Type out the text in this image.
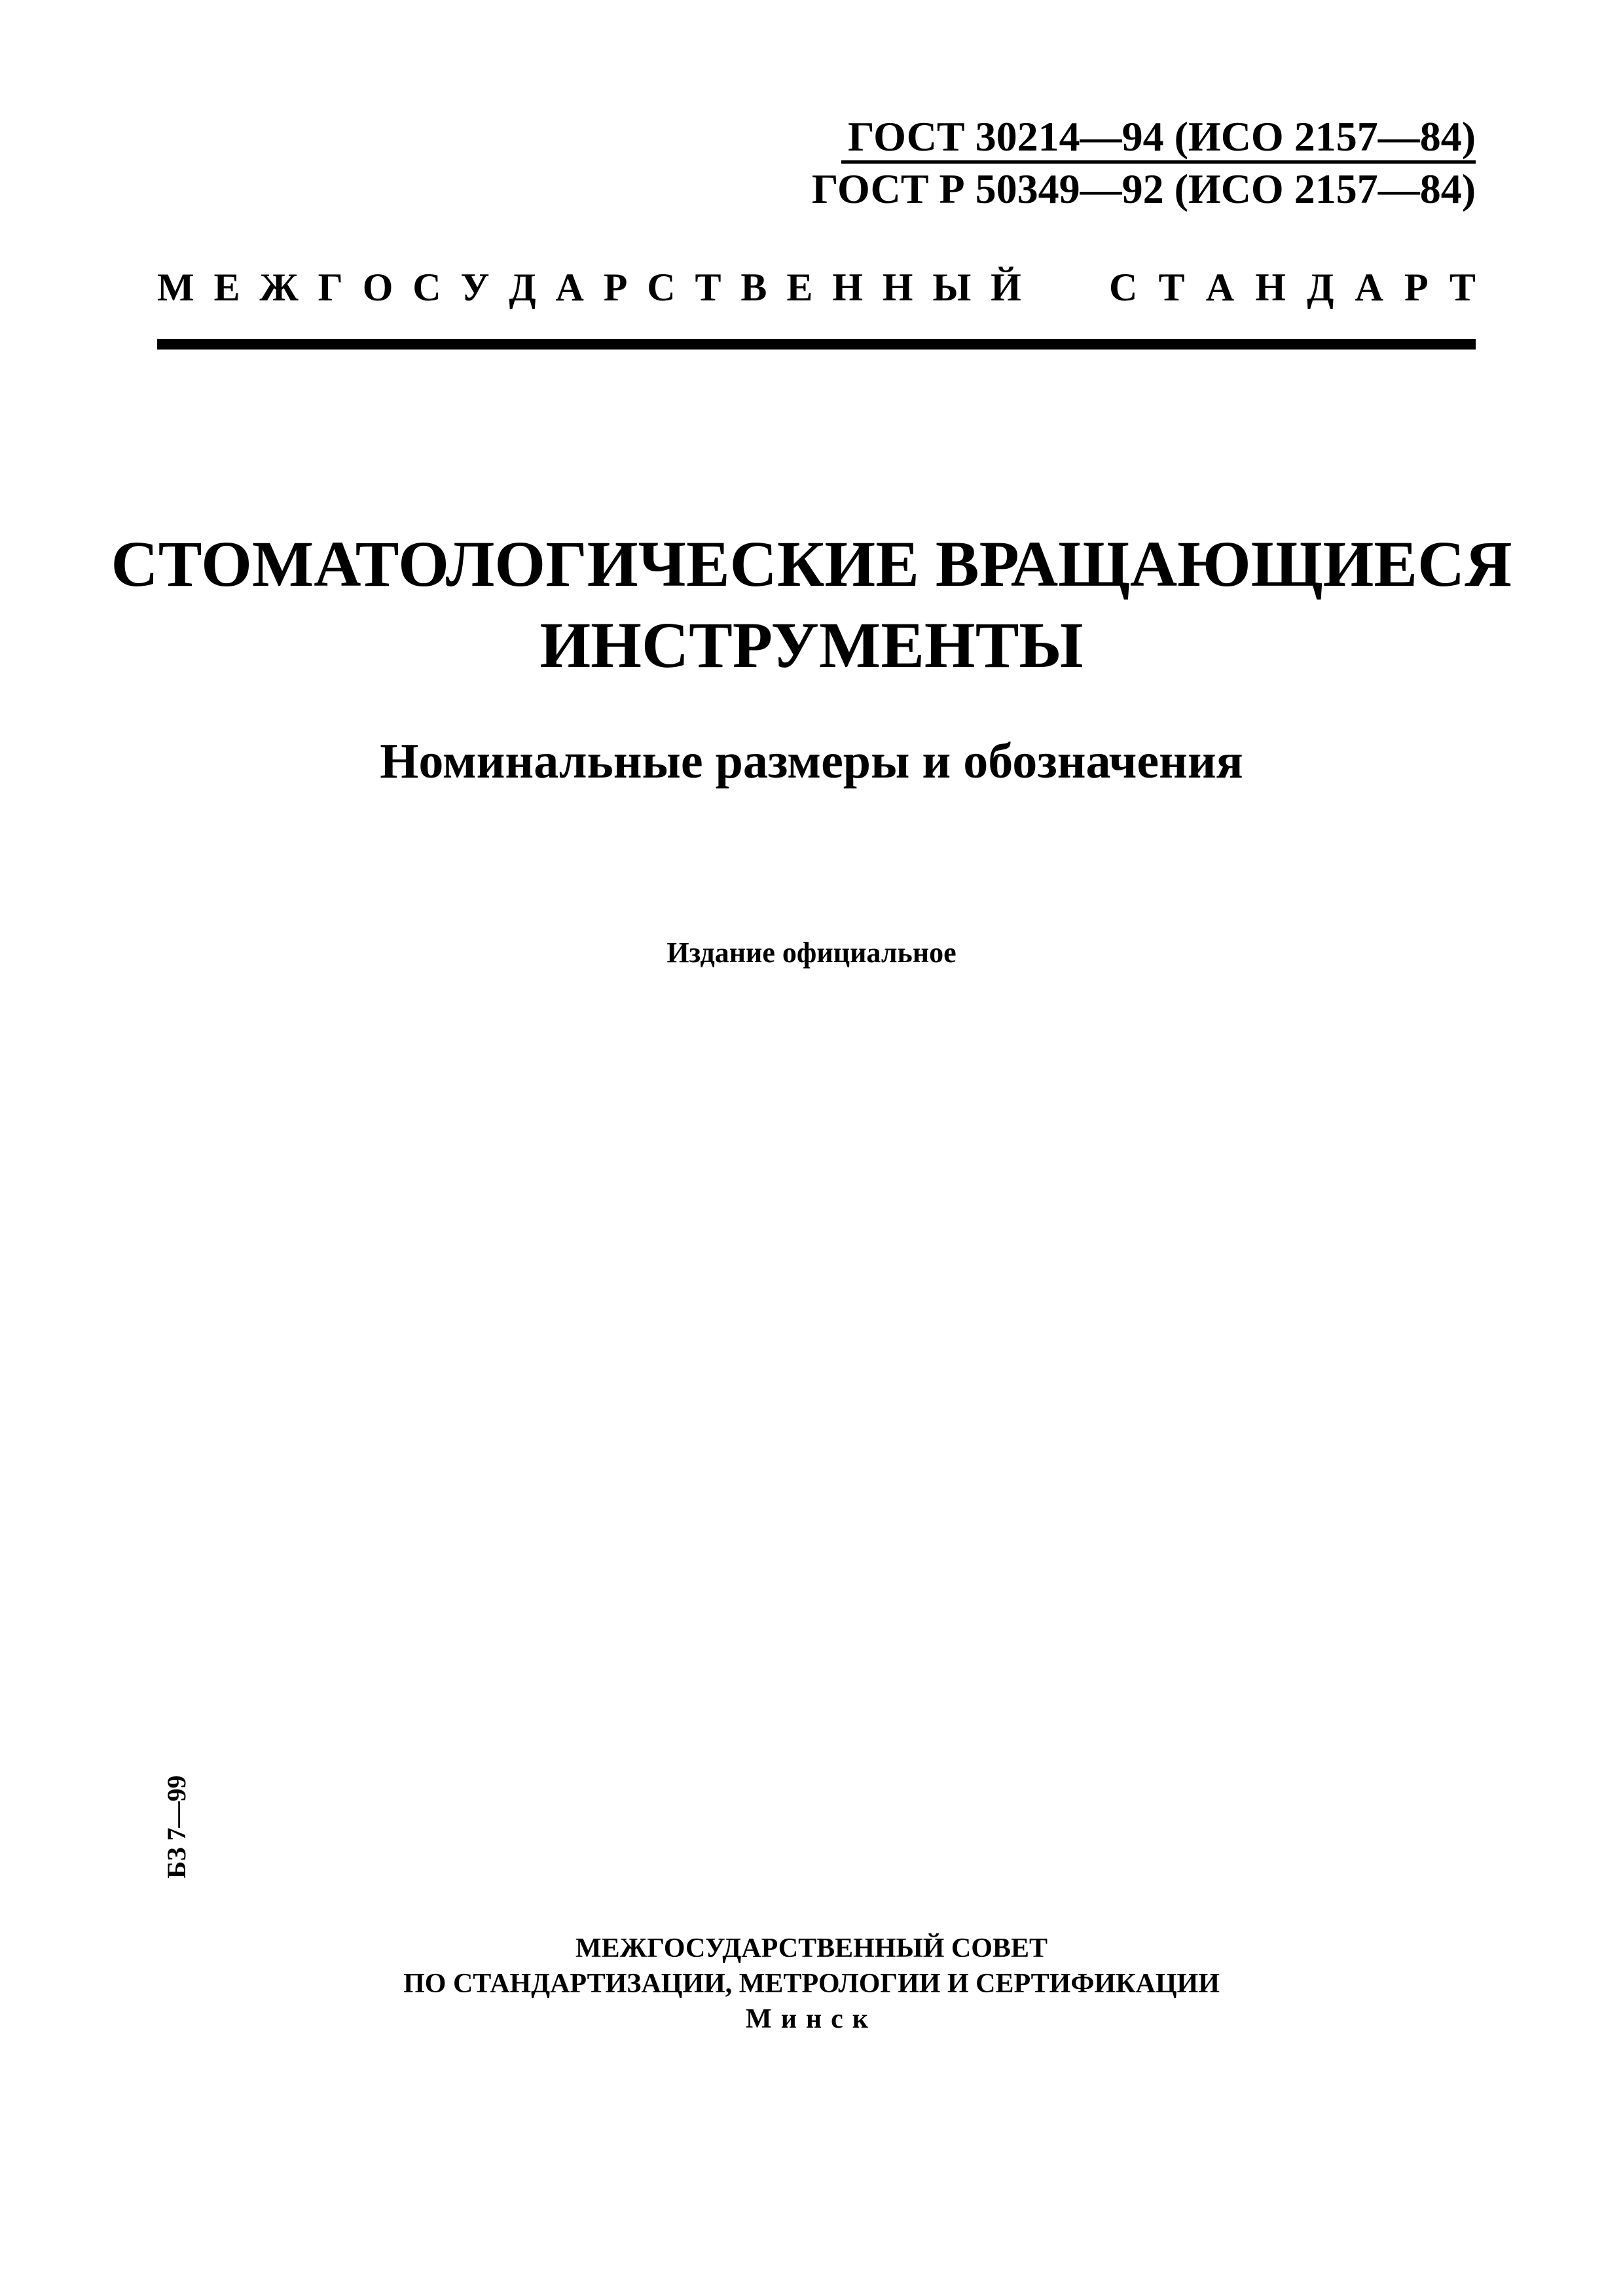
ГОСТ 30214—94 (ИСО 2157—84)
ГОСТ Р 50349—92 (ИСО 2157—84)
М Е Ж Г О С У Д А Р С Т В Е Н Н Ы Й С Т А Н Д А Р Т
СТОМАТОЛОГИЧЕСКИЕ ВРАЩАЮЩИЕСЯ
ИНСТРУМЕНТЫ
Номинальные размеры и обозначения
Издание официальное
БЗ 7—99
МЕЖГОСУДАРСТВЕННЫЙ СОВЕТ
ПО СТАНДАРТИЗАЦИИ, МЕТРОЛОГИИ И СЕРТИФИКАЦИИ
Минск
